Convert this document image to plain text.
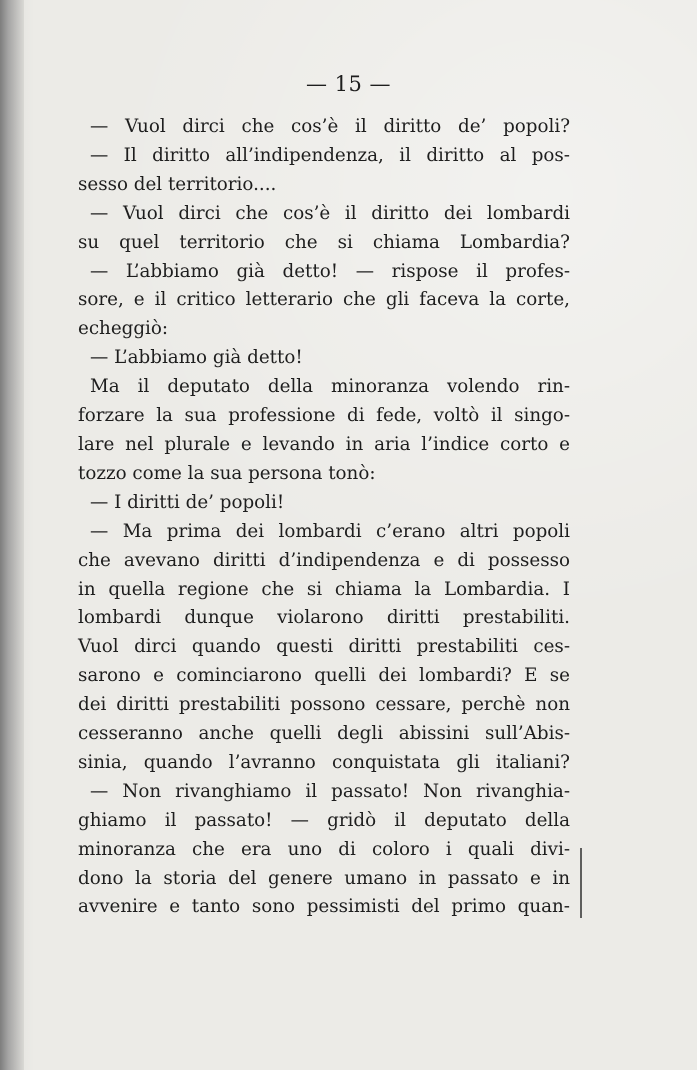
— 15 —
— Vuol dirci che cos’è il diritto de’ popoli?
— Il diritto all’indipendenza, il diritto al pos-
sesso del territorio....
— Vuol dirci che cos’è il diritto dei lombardi
su quel territorio che si chiama Lombardia?
— L’abbiamo già detto! — rispose il profes-
sore, e il critico letterario che gli faceva la corte,
echeggiò:
— L’abbiamo già detto!
Ma il deputato della minoranza volendo rin-
forzare la sua professione di fede, voltò il singo-
lare nel plurale e levando in aria l’indice corto e
tozzo come la sua persona tonò:
— I diritti de’ popoli!
— Ma prima dei lombardi c’erano altri popoli
che avevano diritti d’indipendenza e di possesso
in quella regione che si chiama la Lombardia. I
lombardi dunque violarono diritti prestabiliti.
Vuol dirci quando questi diritti prestabiliti ces-
sarono e cominciarono quelli dei lombardi? E se
dei diritti prestabiliti possono cessare, perchè non
cesseranno anche quelli degli abissini sull’Abis-
sinia, quando l’avranno conquistata gli italiani?
— Non rivanghiamo il passato! Non rivanghia-
ghiamo il passato! — gridò il deputato della
minoranza che era uno di coloro i quali divi-
dono la storia del genere umano in passato e in
avvenire e tanto sono pessimisti del primo quan-
